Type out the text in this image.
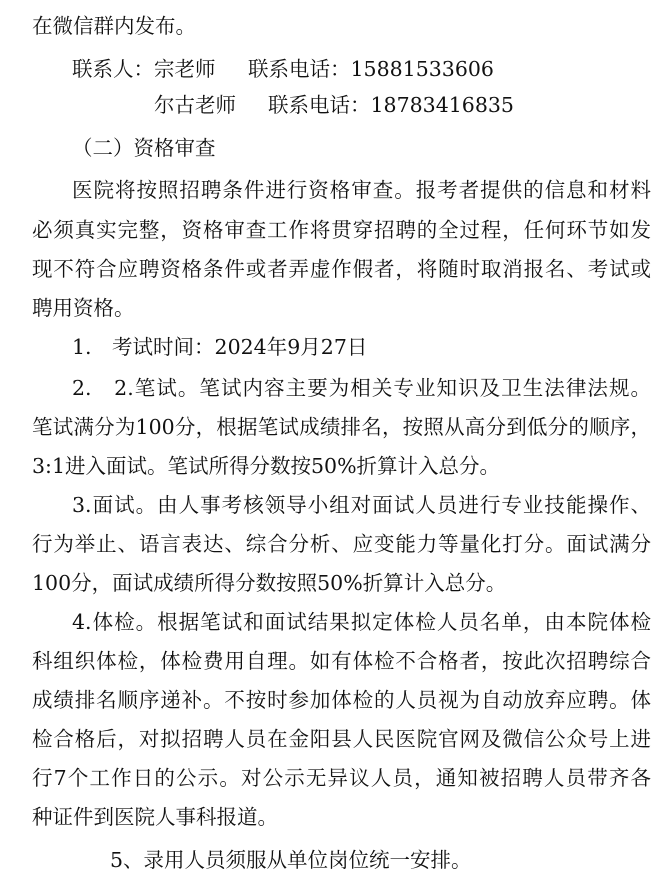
在微信群内发布。
联系人：宗老师 联系电话：15881533606
尔古老师 联系电话：18783416835
（二）资格审查
医院将按照招聘条件进行资格审查。报考者提供的信息和材料
必须真实完整，资格审查工作将贯穿招聘的全过程，任何环节如发
现不符合应聘资格条件或者弄虚作假者，将随时取消报名、考试或
聘用资格。
1.　考试时间：2024年9月27日
2.　2.笔试。笔试内容主要为相关专业知识及卫生法律法规。
笔试满分为100分，根据笔试成绩排名，按照从高分到低分的顺序，
3:1进入面试。笔试所得分数按50%折算计入总分。
3.面试。由人事考核领导小组对面试人员进行专业技能操作、
行为举止、语言表达、综合分析、应变能力等量化打分。面试满分
100分，面试成绩所得分数按照50%折算计入总分。
4.体检。根据笔试和面试结果拟定体检人员名单，由本院体检
科组织体检，体检费用自理。如有体检不合格者，按此次招聘综合
成绩排名顺序递补。不按时参加体检的人员视为自动放弃应聘。体
检合格后，对拟招聘人员在金阳县人民医院官网及微信公众号上进
行7个工作日的公示。对公示无异议人员，通知被招聘人员带齐各
种证件到医院人事科报道。
5、录用人员须服从单位岗位统一安排。
